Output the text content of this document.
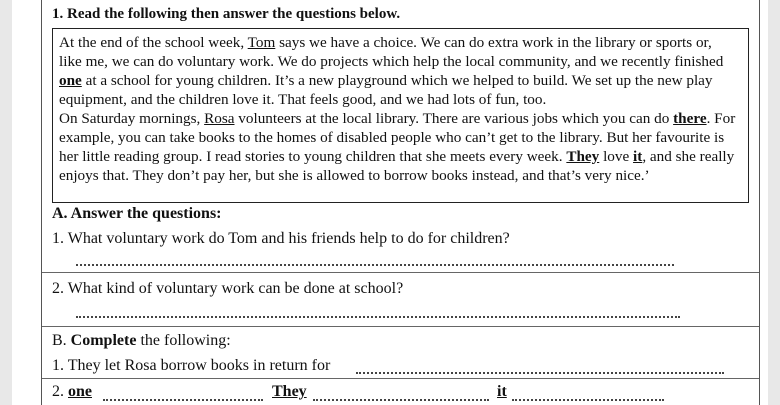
1. Read the following then answer the questions below.
At the end of the school week, Tom says we have a choice. We can do extra work in the library or sports or,
like me, we can do voluntary work. We do projects which help the local community, and we recently finished
one at a school for young children. It’s a new playground which we helped to build. We set up the new play
equipment, and the children love it. That feels good, and we had lots of fun, too.
On Saturday mornings, Rosa volunteers at the local library. There are various jobs which you can do there. For
example, you can take books to the homes of disabled people who can’t get to the library. But her favourite is
her little reading group. I read stories to young children that she meets every week. They love it, and she really
enjoys that. They don’t pay her, but she is allowed to borrow books instead, and that’s very nice.’
A. Answer the questions:
1. What voluntary work do Tom and his friends help to do for children?
2. What kind of voluntary work can be done at school?
B. Complete the following:
1. They let Rosa borrow books in return for
2. one	They	it
